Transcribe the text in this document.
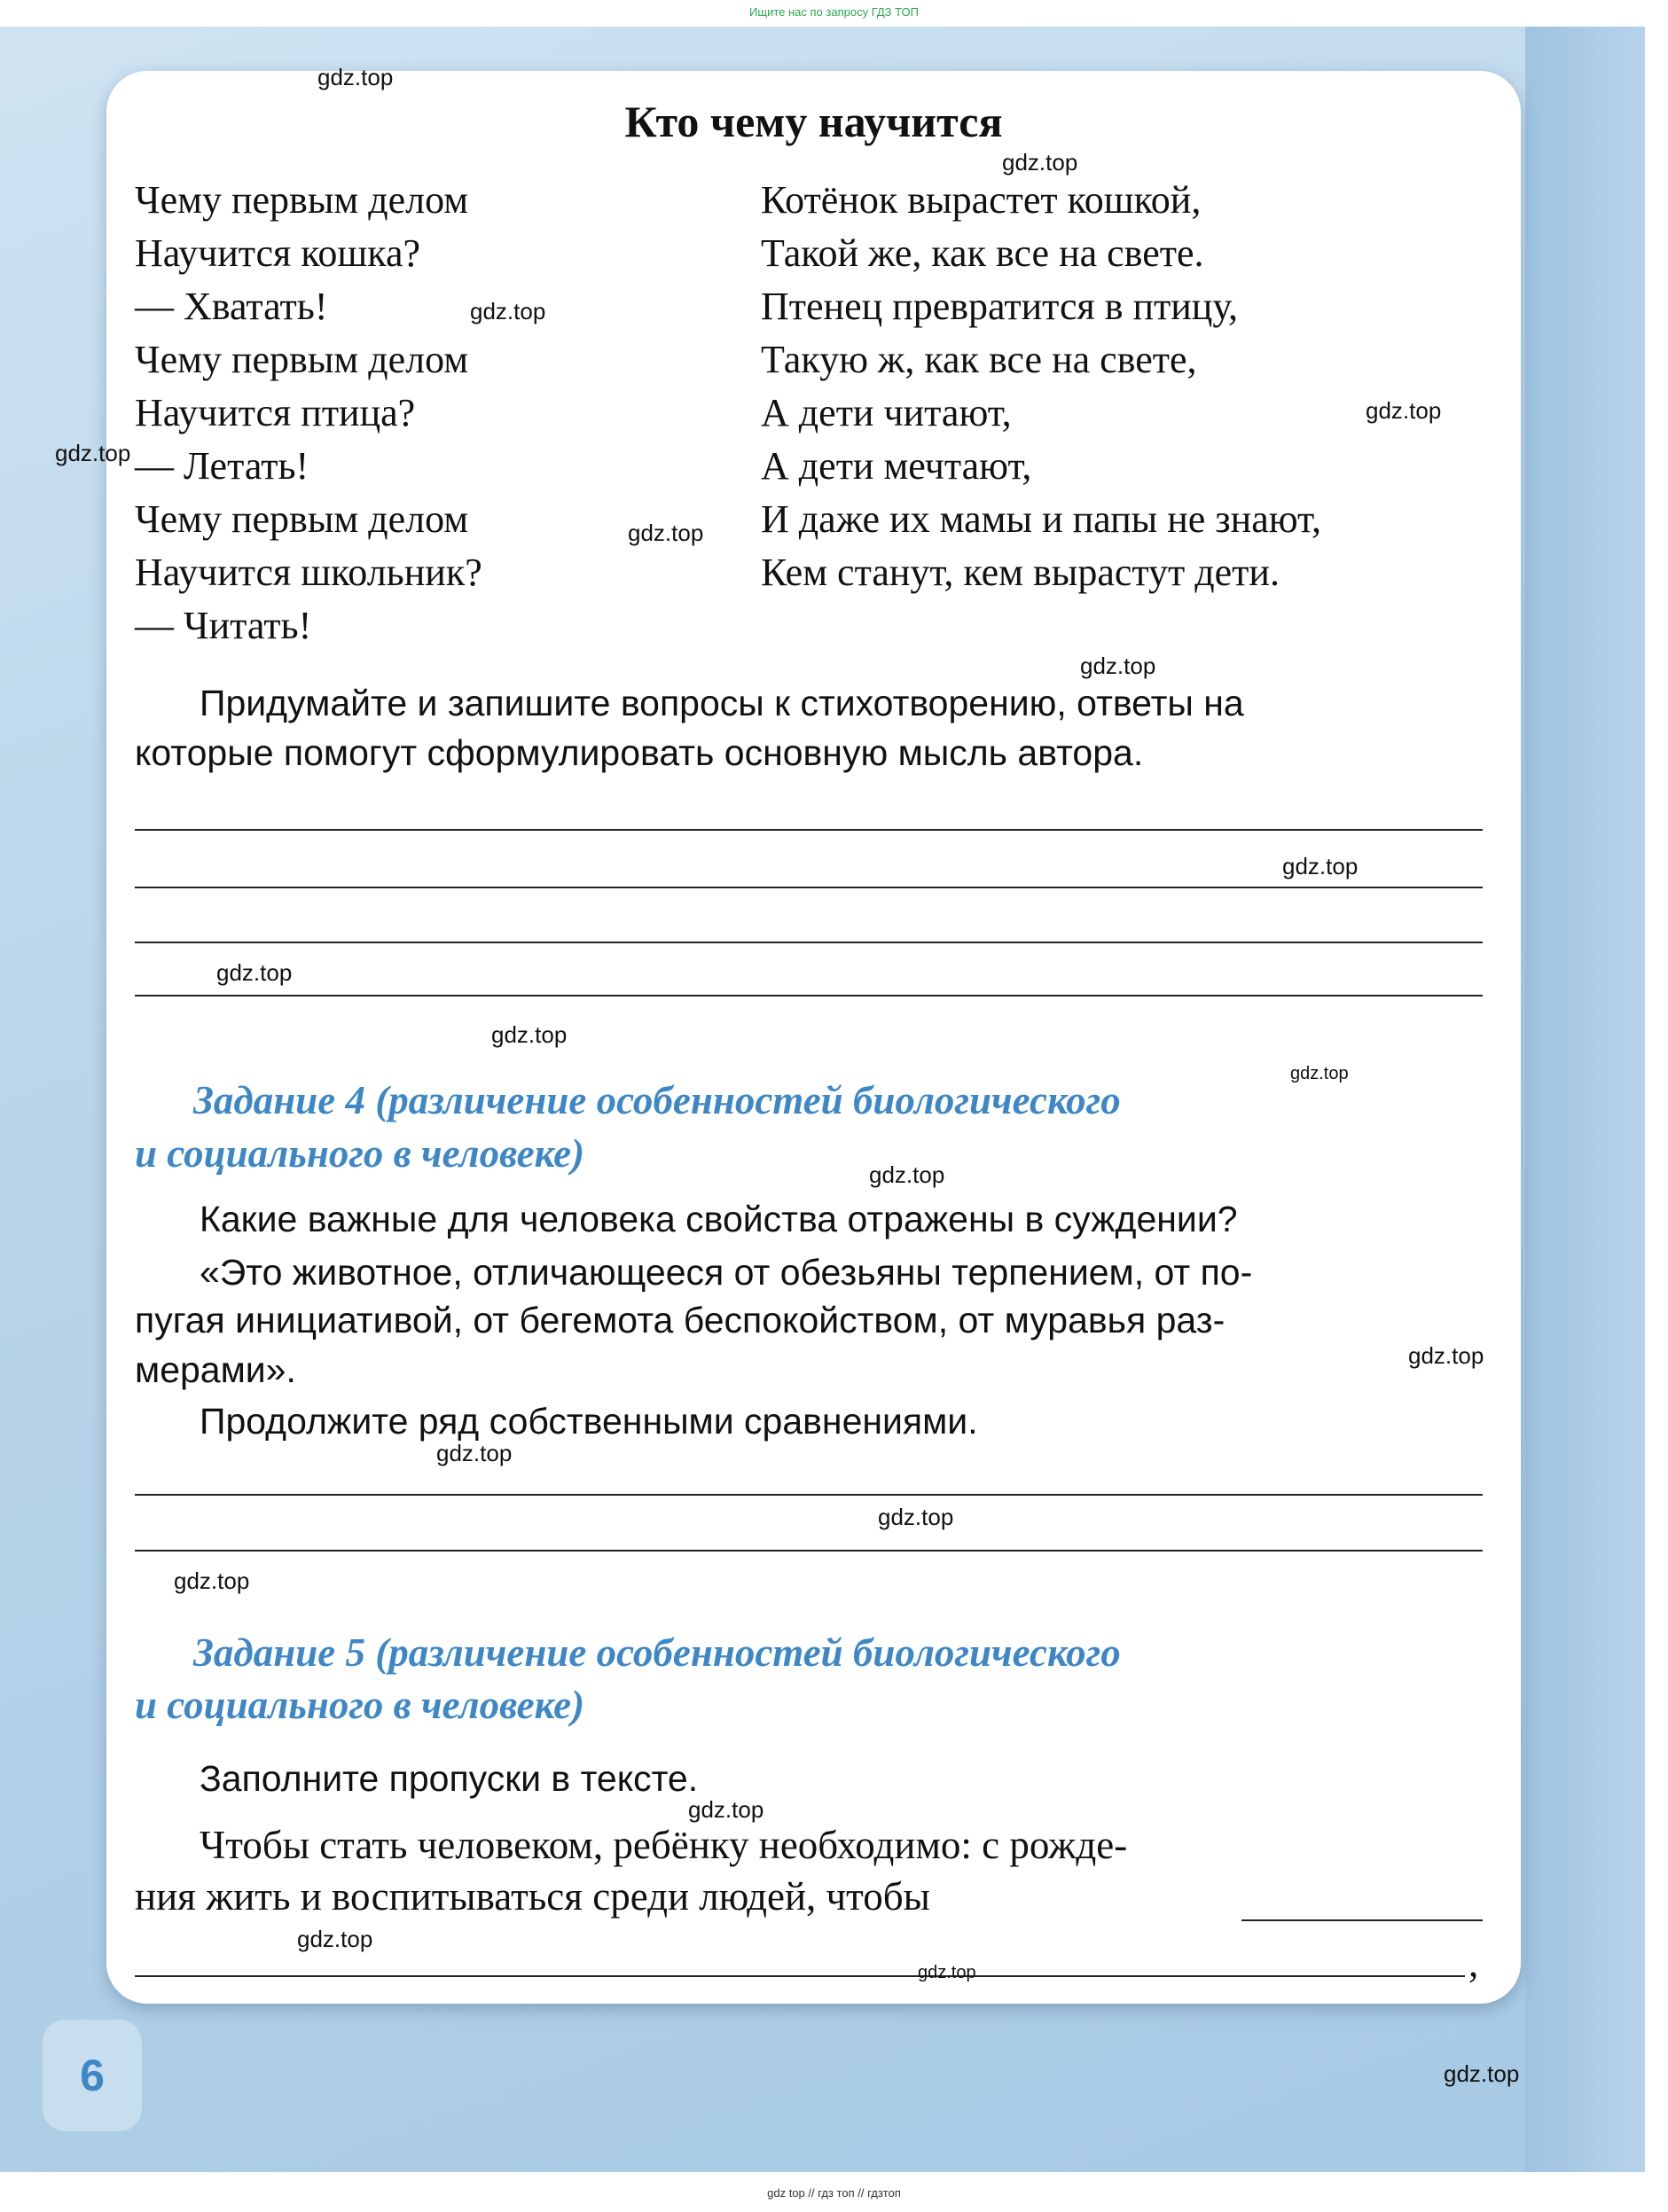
Ищите нас по запросу ГДЗ ТОП
gdz top // гдз топ // гдзтоп
6
Кто чему научится
Чему первым делом
Научится кошка?
— Хватать!
Чему первым делом
Научится птица?
— Летать!
Чему первым делом
Научится школьник?
— Читать!
Котёнок вырастет кошкой,
Такой же, как все на свете.
Птенец превратится в птицу,
Такую ж, как все на свете,
А дети читают,
А дети мечтают,
И даже их мамы и папы не знают,
Кем станут, кем вырастут дети.
Придумайте и запишите вопросы к стихотворению, ответы на
которые помогут сформулировать основную мысль автора.
Задание 4 (различение особенностей биологического
и социального в человеке)
Какие важные для человека свойства отражены в суждении?
«Это животное, отличающееся от обезьяны терпением, от по-
пугая инициативой, от бегемота беспокойством, от муравья раз-
мерами».
Продолжите ряд собственными сравнениями.
Задание 5 (различение особенностей биологического
и социального в человеке)
Заполните пропуски в тексте.
Чтобы стать человеком, ребёнку необходимо: с рожде-
ния жить и воспитываться среди людей, чтобы
,
gdz.top
gdz.top
gdz.top
gdz.top
gdz.top
gdz.top
gdz.top
gdz.top
gdz.top
gdz.top
gdz.top
gdz.top
gdz.top
gdz.top
gdz.top
gdz.top
gdz.top
gdz.top
gdz.top
gdz.top
